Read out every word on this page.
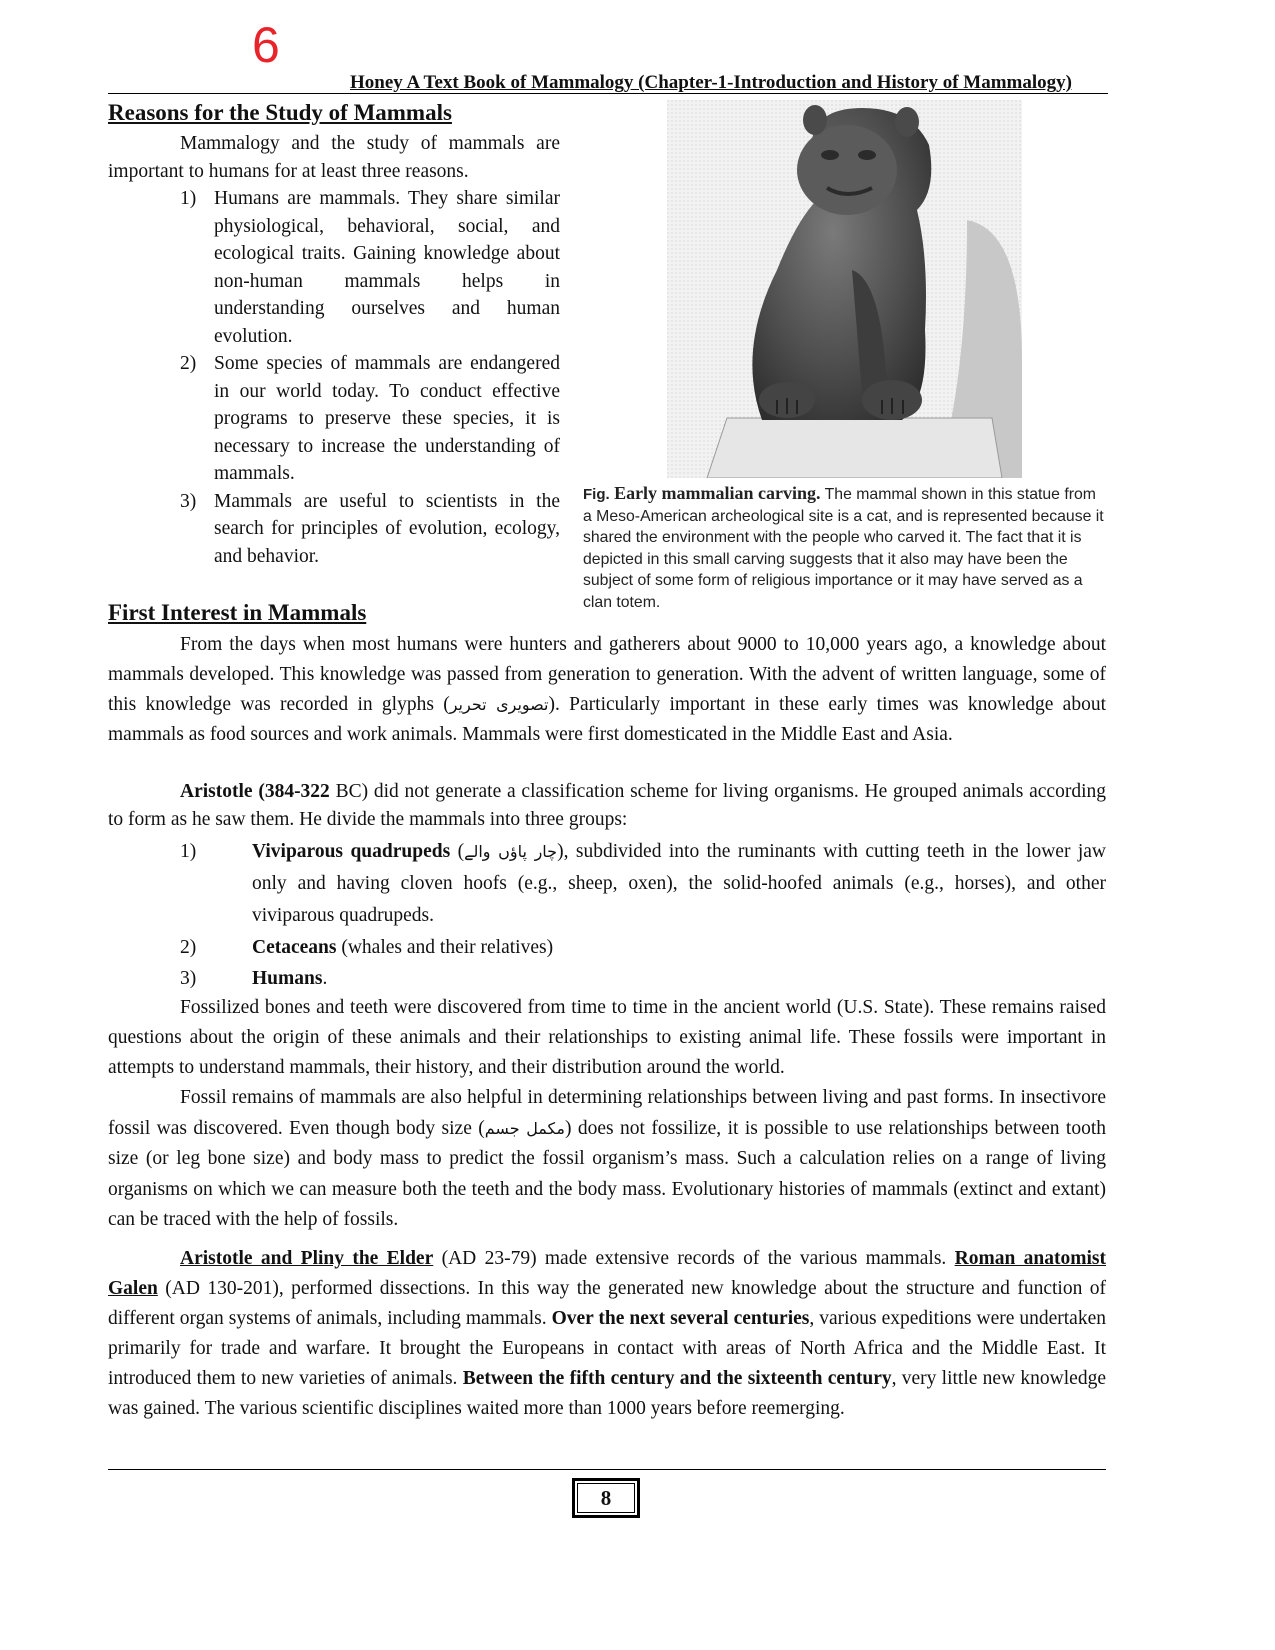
6
Honey A Text Book of Mammalogy (Chapter-1-Introduction and History of Mammalogy)
Reasons for the Study of Mammals
Mammalogy and the study of mammals are important to humans for at least three reasons.
1) Humans are mammals. They share similar physiological, behavioral, social, and ecological traits. Gaining knowledge about non-human mammals helps in understanding ourselves and human evolution.
2) Some species of mammals are endangered in our world today. To conduct effective programs to preserve these species, it is necessary to increase the understanding of mammals.
3) Mammals are useful to scientists in the search for principles of evolution, ecology, and behavior.
Fig. Early mammalian carving. The mammal shown in this statue from a Meso-American archeological site is a cat, and is represented because it shared the environment with the people who carved it. The fact that it is depicted in this small carving suggests that it also may have been the subject of some form of religious importance or it may have served as a clan totem.
First Interest in Mammals
From the days when most humans were hunters and gatherers about 9000 to 10,000 years ago, a knowledge about mammals developed. This knowledge was passed from generation to generation. With the advent of written language, some of this knowledge was recorded in glyphs (تصویری تحریر). Particularly important in these early times was knowledge about mammals as food sources and work animals. Mammals were first domesticated in the Middle East and Asia.
Aristotle (384-322 BC) did not generate a classification scheme for living organisms. He grouped animals according to form as he saw them. He divide the mammals into three groups:
1)	Viviparous quadrupeds (چار پاؤں والے), subdivided into the ruminants with cutting teeth in the lower jaw only and having cloven hoofs (e.g., sheep, oxen), the solid-hoofed animals (e.g., horses), and other viviparous quadrupeds.
2)	Cetaceans (whales and their relatives)
3)	Humans.
Fossilized bones and teeth were discovered from time to time in the ancient world (U.S. State). These remains raised questions about the origin of these animals and their relationships to existing animal life. These fossils were important in attempts to understand mammals, their history, and their distribution around the world.
Fossil remains of mammals are also helpful in determining relationships between living and past forms. In insectivore fossil was discovered. Even though body size (مکمل جسم) does not fossilize, it is possible to use relationships between tooth size (or leg bone size) and body mass to predict the fossil organism’s mass. Such a calculation relies on a range of living organisms on which we can measure both the teeth and the body mass. Evolutionary histories of mammals (extinct and extant) can be traced with the help of fossils.
Aristotle and Pliny the Elder (AD 23-79) made extensive records of the various mammals. Roman anatomist Galen (AD 130-201), performed dissections. In this way the generated new knowledge about the structure and function of different organ systems of animals, including mammals. Over the next several centuries, various expeditions were undertaken primarily for trade and warfare. It brought the Europeans in contact with areas of North Africa and the Middle East. It introduced them to new varieties of animals. Between the fifth century and the sixteenth century, very little new knowledge was gained. The various scientific disciplines waited more than 1000 years before reemerging.
8
